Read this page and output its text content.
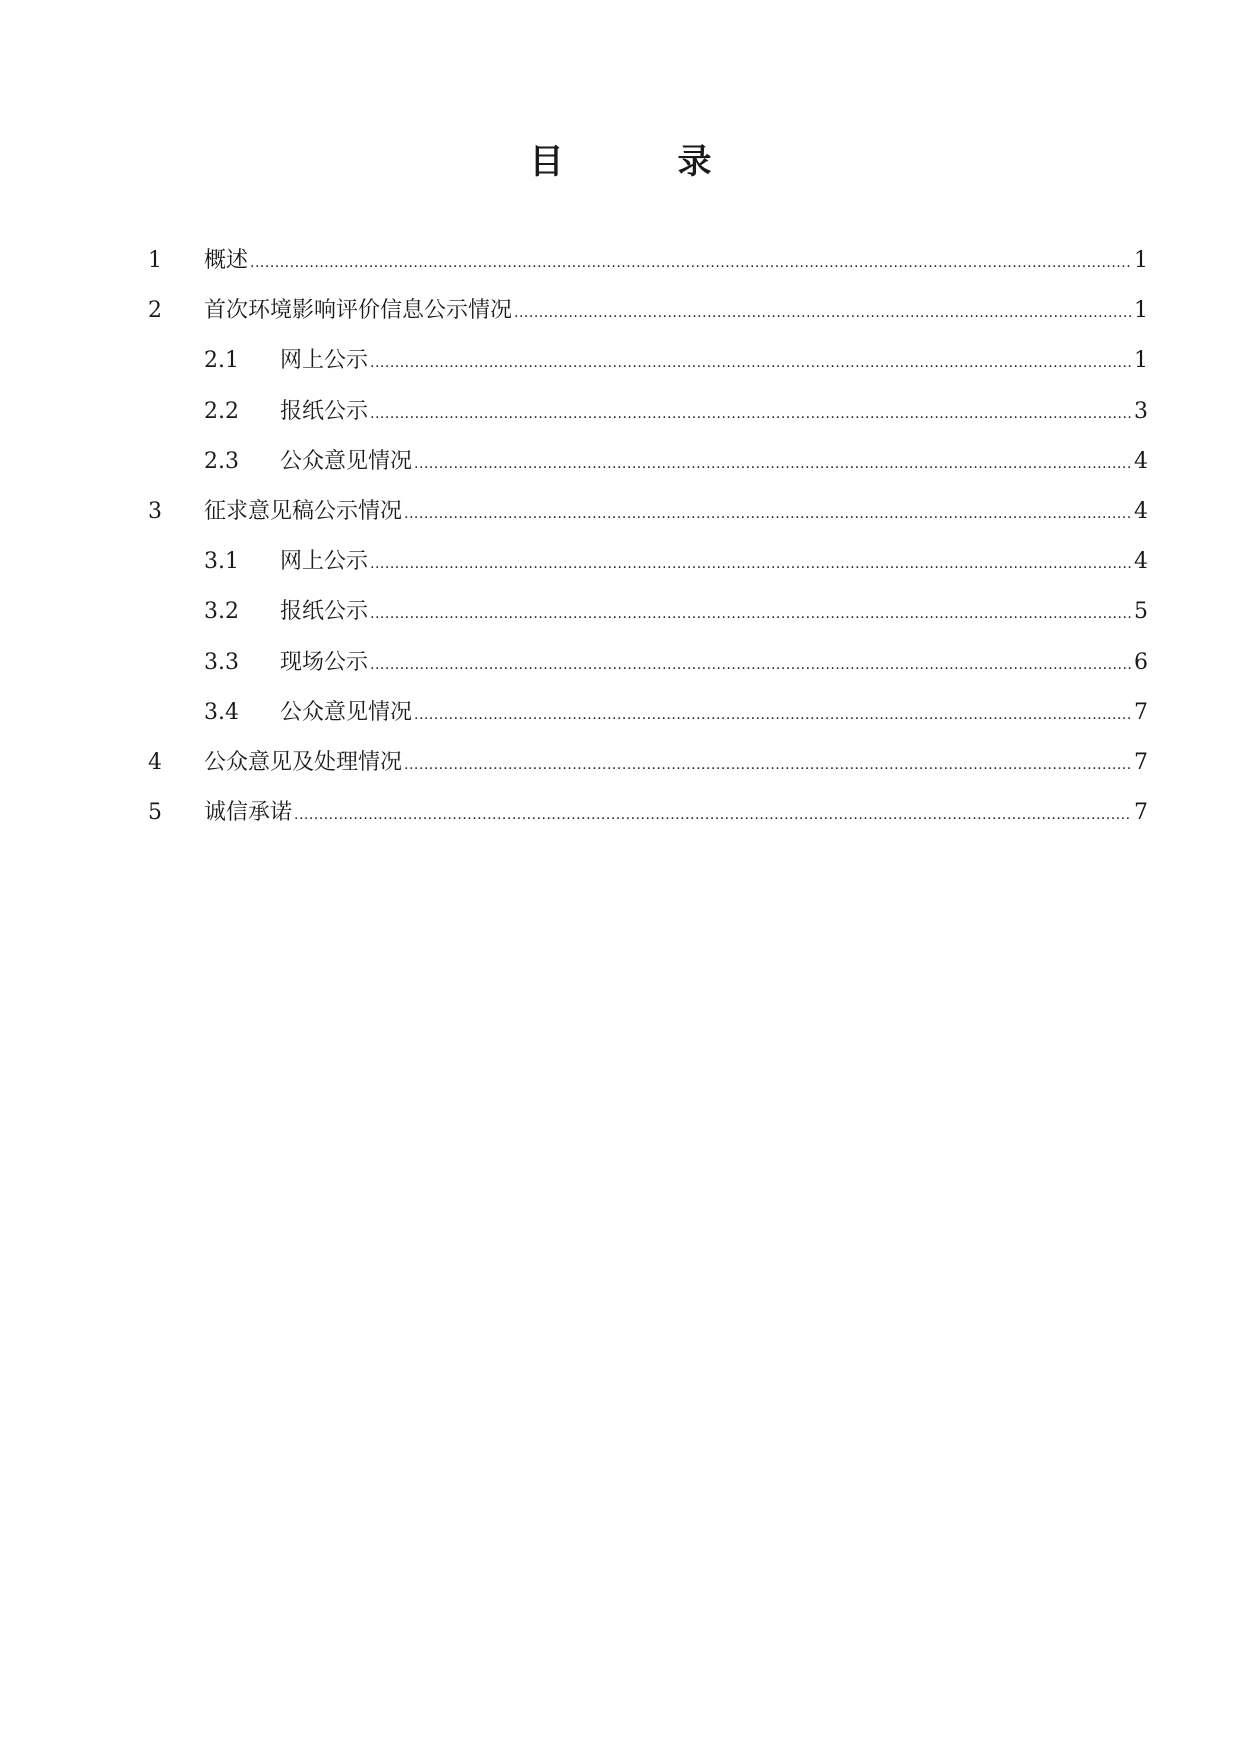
目　录
1	概述 .....	1
2	首次环境影响评价信息公示情况 .....	1
2.1	网上公示 .....	1
2.2	报纸公示 .....	3
2.3	公众意见情况 .....	4
3	征求意见稿公示情况 .....	4
3.1	网上公示 .....	4
3.2	报纸公示 .....	5
3.3	现场公示 .....	6
3.4	公众意见情况 .....	7
4	公众意见及处理情况 .....	7
5	诚信承诺 .....	7
